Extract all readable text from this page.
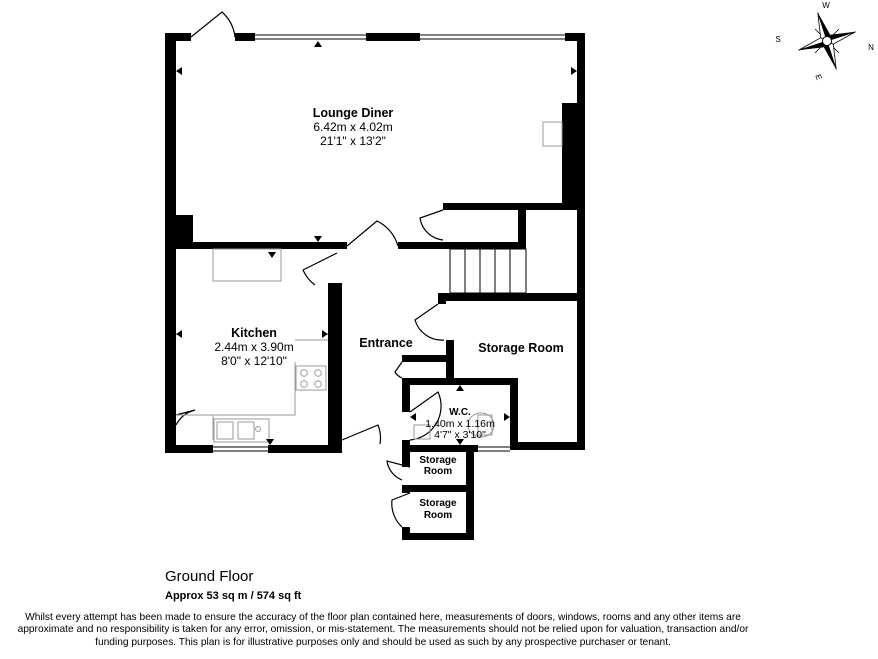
W
S
N
E
Lounge Diner
6.42m x 4.02m
21'1" x 13'2"
Kitchen
2.44m x 3.90m
8'0" x 12'10"
Entrance	Storage Room
W.C.
1.40m x 1.16m
4'7" x 3'10"
Storage
Room
Storage
Room
Ground Floor
Approx 53 sq m / 574 sq ft
Whilst every attempt has been made to ensure the accuracy of the floor plan contained here, measurements of doors, windows, rooms and any other items are approximate and no responsibility is taken for any error, omission, or mis-statement. The measurements should not be relied upon for valuation, transaction and/or funding purposes. This plan is for illustrative purposes only and should be used as such by any prospective purchaser or tenant.
